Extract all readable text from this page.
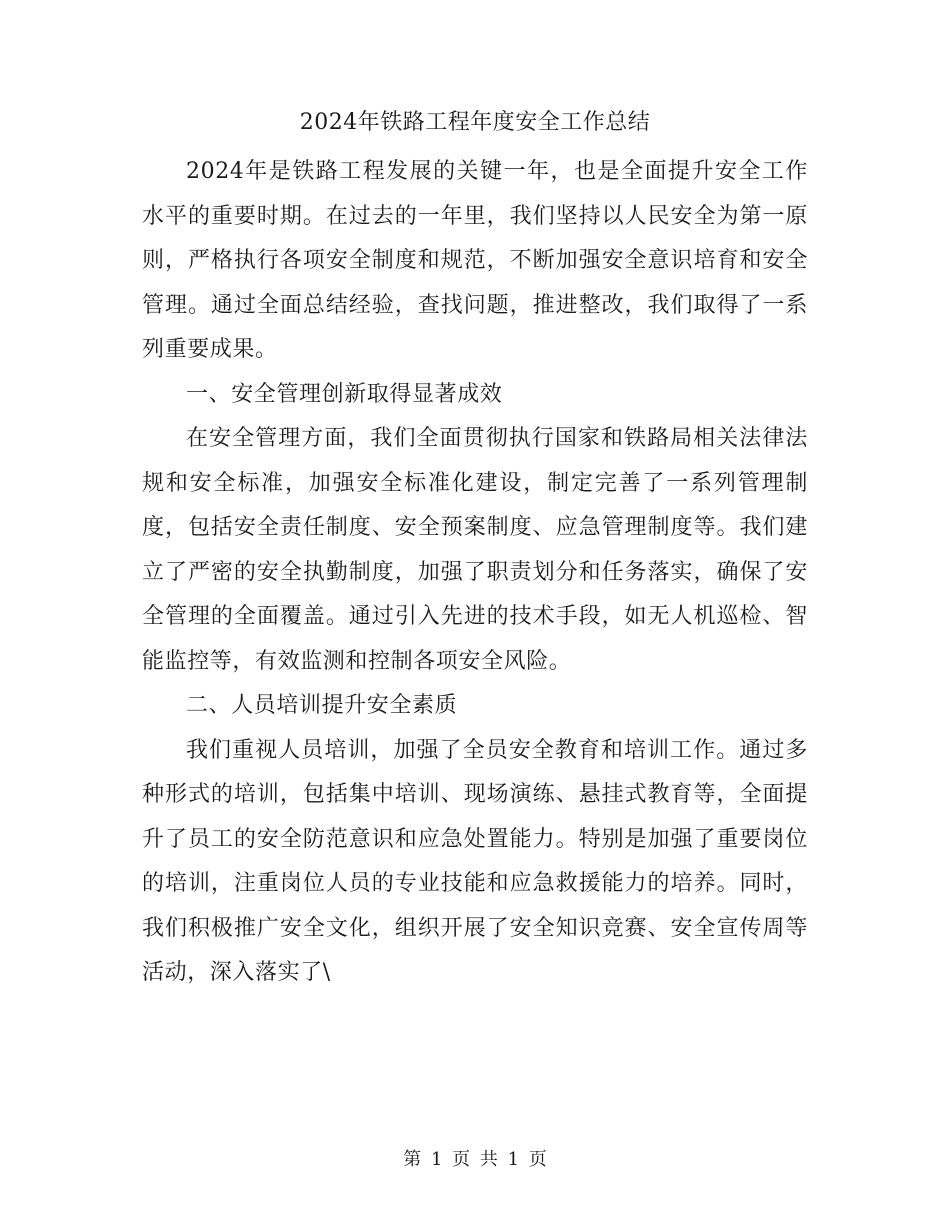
2024年铁路工程年度安全工作总结

2024年是铁路工程发展的关键一年，也是全面提升安全工作水平的重要时期。在过去的一年里，我们坚持以人民安全为第一原则，严格执行各项安全制度和规范，不断加强安全意识培育和安全管理。通过全面总结经验，查找问题，推进整改，我们取得了一系列重要成果。

一、安全管理创新取得显著成效

在安全管理方面，我们全面贯彻执行国家和铁路局相关法律法规和安全标准，加强安全标准化建设，制定完善了一系列管理制度，包括安全责任制度、安全预案制度、应急管理制度等。我们建立了严密的安全执勤制度，加强了职责划分和任务落实，确保了安全管理的全面覆盖。通过引入先进的技术手段，如无人机巡检、智能监控等，有效监测和控制各项安全风险。

二、人员培训提升安全素质

我们重视人员培训，加强了全员安全教育和培训工作。通过多种形式的培训，包括集中培训、现场演练、悬挂式教育等，全面提升了员工的安全防范意识和应急处置能力。特别是加强了重要岗位的培训，注重岗位人员的专业技能和应急救援能力的培养。同时，我们积极推广安全文化，组织开展了安全知识竞赛、安全宣传周等活动，深入落实了\

第 1 页 共 1 页
